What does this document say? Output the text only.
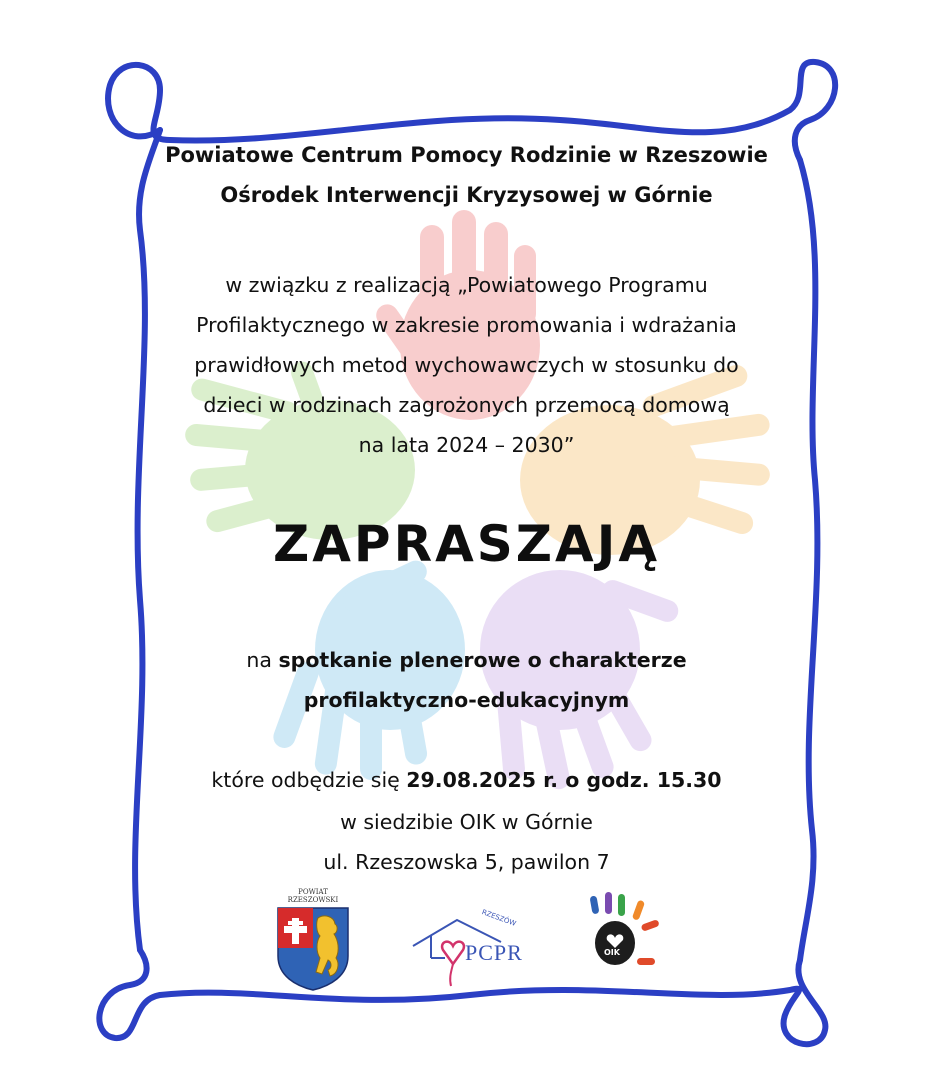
Powiatowe Centrum Pomocy Rodzinie w Rzeszowie
Ośrodek Interwencji Kryzysowej w Górnie
w związku z realizacją „Powiatowego Programu
Profilaktycznego w zakresie promowania i wdrażania
prawidłowych metod wychowawczych w stosunku do
dzieci w rodzinach zagrożonych przemocą domową
na lata 2024 – 2030”
ZAPRASZAJĄ
na spotkanie plenerowe o charakterze
profilaktyczno-edukacyjnym
które odbędzie się 29.08.2025 r. o godz. 15.30
w siedzibie OIK w Górnie
ul. Rzeszowska 5, pawilon 7
POWIAT RZESZOWSKI
RZESZÓW
PCPR	OIK
